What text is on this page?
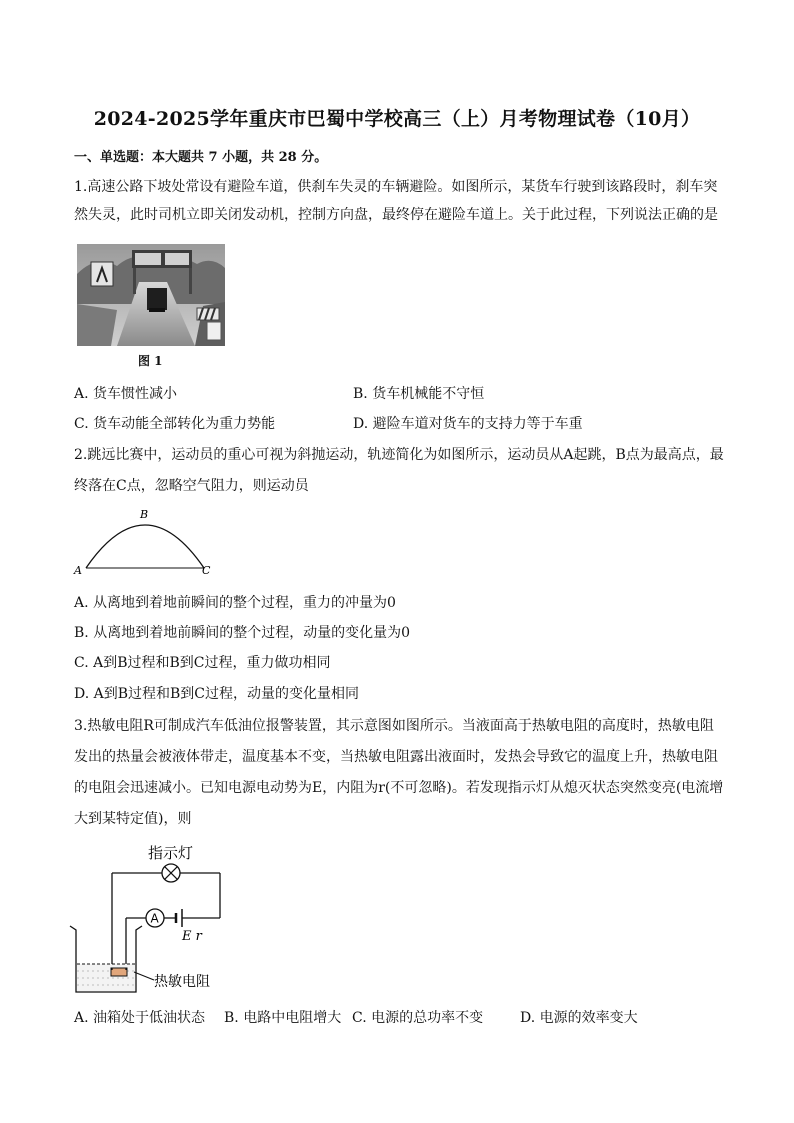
2024-2025学年重庆市巴蜀中学校高三（上）月考物理试卷（10月）
一、单选题：本大题共 7 小题，共 28 分。
1.高速公路下坡处常设有避险车道，供刹车失灵的车辆避险。如图所示，某货车行驶到该路段时，刹车突
然失灵，此时司机立即关闭发动机，控制方向盘，最终停在避险车道上。关于此过程，下列说法正确的是
图 1
A. 货车惯性减小	B. 货车机械能不守恒
C. 货车动能全部转化为重力势能	D. 避险车道对货车的支持力等于车重
2.跳远比赛中，运动员的重心可视为斜抛运动，轨迹简化为如图所示，运动员从A起跳，B点为最高点，最
终落在C点，忽略空气阻力，则运动员
A
B
C
A. 从离地到着地前瞬间的整个过程，重力的冲量为0
B. 从离地到着地前瞬间的整个过程，动量的变化量为0
C. A到B过程和B到C过程，重力做功相同
D. A到B过程和B到C过程，动量的变化量相同
3.热敏电阻R可制成汽车低油位报警装置，其示意图如图所示。当液面高于热敏电阻的高度时，热敏电阻
发出的热量会被液体带走，温度基本不变，当热敏电阻露出液面时，发热会导致它的温度上升，热敏电阻
的电阻会迅速减小。已知电源电动势为E，内阻为r(不可忽略)。若发现指示灯从熄灭状态突然变亮(电流增
大到某特定值)，则
指示灯
A
E r
热敏电阻
A. 油箱处于低油状态 B. 电路中电阻增大 C. 电源的总功率不变	D. 电源的效率变大
